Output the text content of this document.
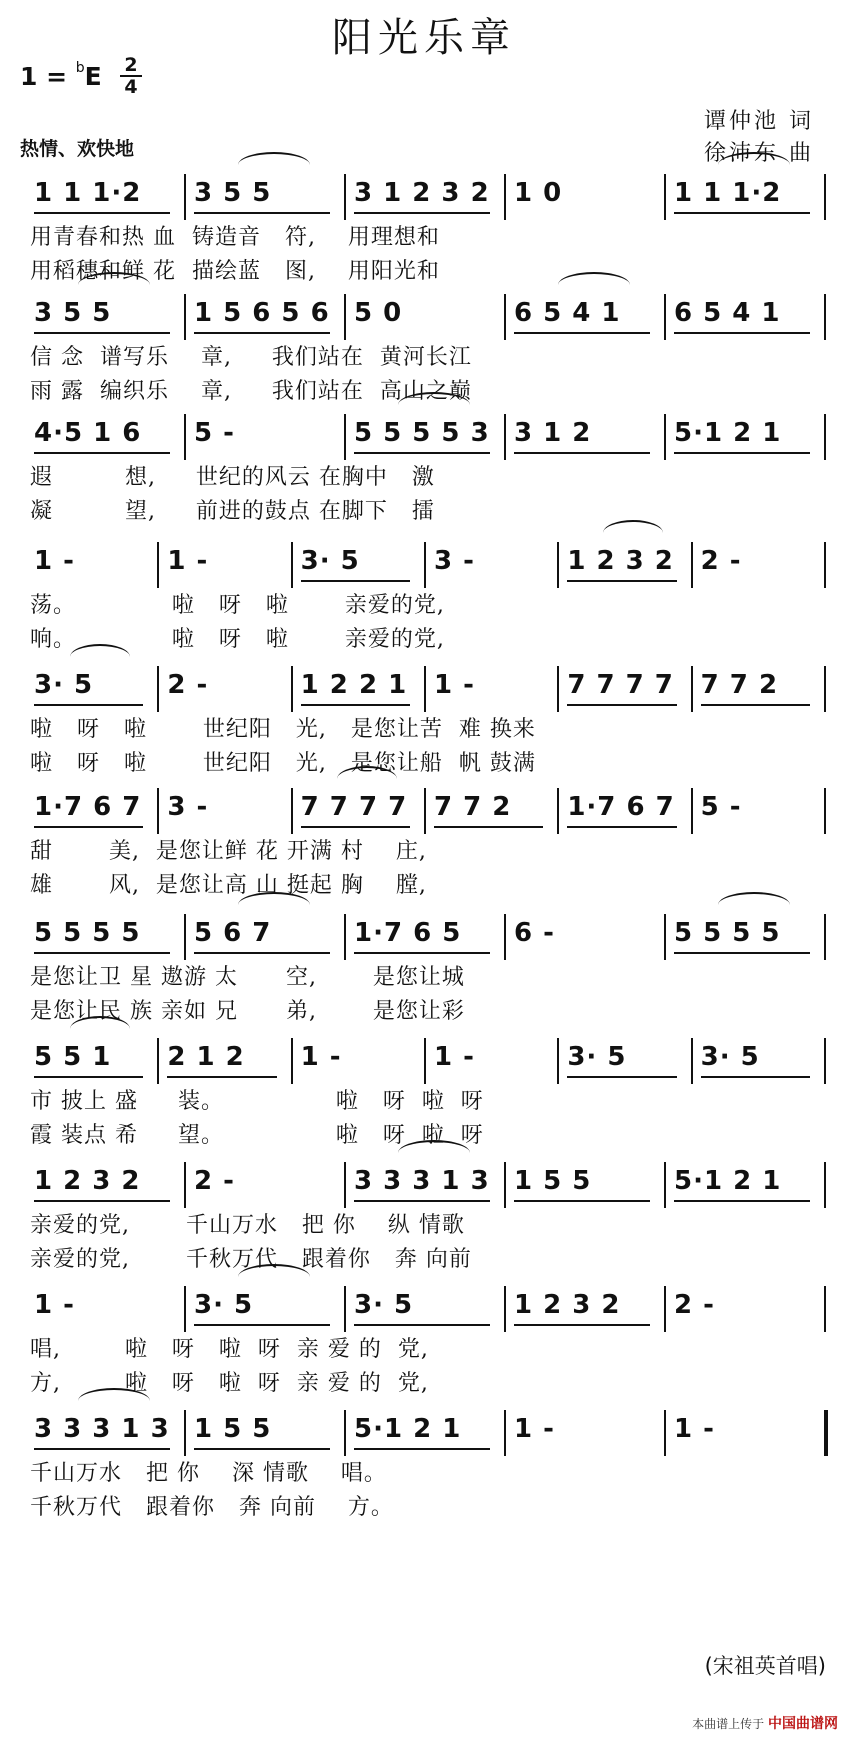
阳光乐章
1 = $^b$E 2
4
热情、欢快地
谭仲池 词
徐沛东 曲
1 1 1·2	3 5 5	3 1 2 3 2 1 0	1 1 1·2
用青春和热 血  铸造音   符,    用理想和
用稻穗和鲜 花  描绘蓝   图,    用阳光和
3 5 5	1 5 6 5 6 5 0	6 5 4 1	6 5 4 1
信 念  谱写乐    章,     我们站在  黄河长江
雨 露  编织乐    章,     我们站在  高山之巅
4·5 1 6	5 -	5 5 5 5 3 3 1 2	5·1 2 1
遐         想,     世纪的风云 在胸中   激
凝         望,     前进的鼓点 在脚下   擂
1 -	1 -	3· 5	3 -	1 2 3 2	2 -
荡。            啦   呀   啦       亲爱的党,
响。            啦   呀   啦       亲爱的党,
3· 5	2 -	1 2 2 1	1 -	7 7 7 7	7 7 2
啦   呀   啦       世纪阳   光,   是您让苦  难 换来
啦   呀   啦       世纪阳   光,   是您让船  帆 鼓满
1·7 6 7 3 -	7 7 7 7	7 7 2	1·7 6 7 5 -
甜       美,  是您让鲜 花 开满 村    庄,
雄       风,  是您让高 山 挺起 胸    膛,
5 5 5 5	5 6 7	1·7 6 5	6 -	5 5 5 5
是您让卫 星 遨游 太      空,       是您让城
是您让民 族 亲如 兄      弟,       是您让彩
5 5 1	2 1 2	1 -	1 -	3· 5	3· 5
市 披上 盛     装。              啦   呀  啦  呀
霞 装点 希     望。              啦   呀  啦  呀
1 2 3 2	2 -	3 3 3 1 3 1 5 5	5·1 2 1
亲爱的党,       千山万水   把 你    纵 情歌
亲爱的党,       千秋万代   跟着你   奔 向前
1 -	3· 5	3· 5	1 2 3 2	2 -
唱,        啦   呀   啦  呀  亲 爱 的  党,
方,        啦   呀   啦  呀  亲 爱 的  党,
3 3 3 1 3 1 5 5	5·1 2 1	1 -	1 -
千山万水   把 你    深 情歌    唱。
千秋万代   跟着你   奔 向前    方。
(宋祖英首唱)
本曲谱上传于 中国曲谱网
